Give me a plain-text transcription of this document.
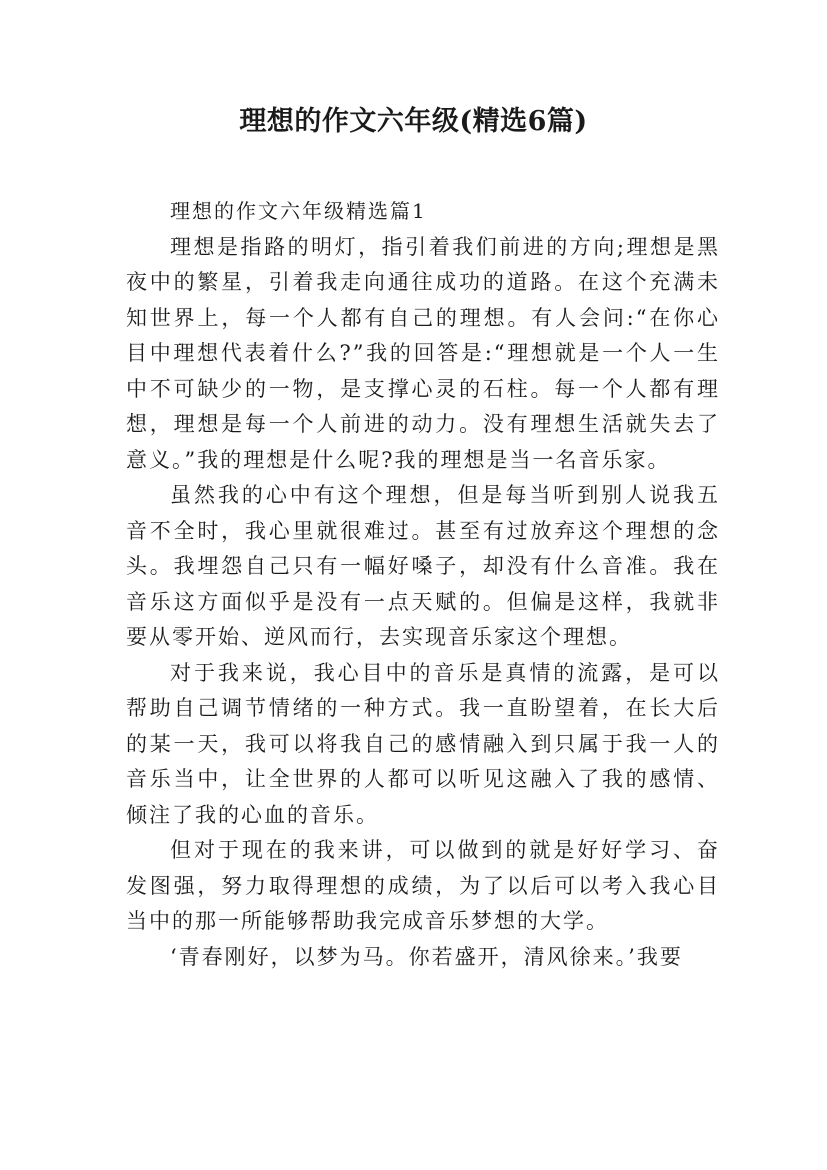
理想的作文六年级(精选6篇)

理想的作文六年级精选篇1

理想是指路的明灯，指引着我们前进的方向;理想是黑夜中的繁星，引着我走向通往成功的道路。在这个充满未知世界上，每一个人都有自己的理想。有人会问:“在你心目中理想代表着什么?”我的回答是:“理想就是一个人一生中不可缺少的一物，是支撑心灵的石柱。每一个人都有理想，理想是每一个人前进的动力。没有理想生活就失去了意义。”我的理想是什么呢?我的理想是当一名音乐家。

虽然我的心中有这个理想，但是每当听到别人说我五音不全时，我心里就很难过。甚至有过放弃这个理想的念头。我埋怨自己只有一幅好嗓子，却没有什么音准。我在音乐这方面似乎是没有一点天赋的。但偏是这样，我就非要从零开始、逆风而行，去实现音乐家这个理想。

对于我来说，我心目中的音乐是真情的流露，是可以帮助自己调节情绪的一种方式。我一直盼望着，在长大后的某一天，我可以将我自己的感情融入到只属于我一人的音乐当中，让全世界的人都可以听见这融入了我的感情、倾注了我的心血的音乐。

但对于现在的我来讲，可以做到的就是好好学习、奋发图强，努力取得理想的成绩，为了以后可以考入我心目当中的那一所能够帮助我完成音乐梦想的大学。

‘青春刚好，以梦为马。你若盛开，清风徐来。’我要
